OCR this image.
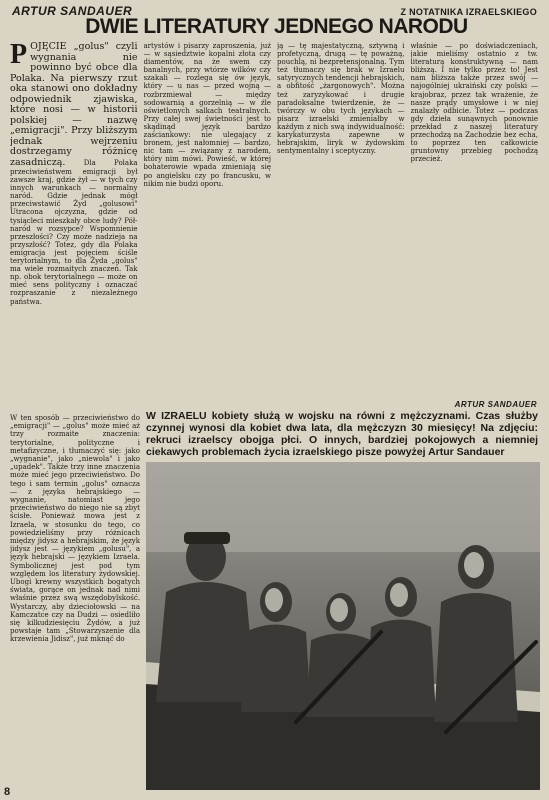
ARTUR SANDAUER	Z NOTATNIKA IZRAELSKIEGO
DWIE LITERATURY JEDNEGO NARODU
P OJĘCIE „golus" czyli wygnania nie powinno być obce dla Polaka. Na pierwszy rzut oka stanowi ono dokładny odpowiednik zjawiska, które nosi — w historii polskiej — nazwę „emigracji". Przy bliższym jednak wejrzeniu dostrzegamy różnicę zasadniczą.	Dla Polaka przeciwieństwem emigracji był zawsze kraj, gdzie żył — w tych czy innych warunkach — normalny naród. Gdzie jednak mógł przeciwstawić Żyd „golusowi" Utracona ojczyzna, gdzie od tysiącleci mieszkały obce ludy? Pół-naród w rozsypce? Wspomnienie przeszłości? Czy może nadzieja na przyszłość? Totez, gdy dla Polaka emigracja jest pojęciem ściśle terytorialnym, to dla Żyda „golus" ma wiele rozmaitych znaczeń. Tak np. obok terytorialnego — może on mieć sens polityczny i oznaczać rozpraszanie z niezależnego państwa.
artystów i pisarzy zaproszenia, już — w sąsiedztwie kopalni złota czy diamentów, na że swem czy banalnych, przy wtórze wilków czy szakali — rozlega się ów język, który — u nas — przed wojną — rozbrzmiewał — między sodowarnią a gorzelnią — w źle oświetlonych salkach teatralnych. Przy całej swej świetności jest to skądinąd język bardzo zaściankowy: nie ulegający z bronem, jest nałomniej — bardzo, nic tam — związany z narodem, który nim mówi. Powieść, w której bohaterowie wpada zmieniają się po angielsku czy po francusku, w nikim nie budzi oporu.
ją — tę majestatyczną, sztywną i profetyczną, drugą — tę poważną, pouchlą, ni bezpretensjonalną. Tym też tłumaczy się brak w Izraelu satyrycznych tendencji hebrajskich, a obfitość „żargonowych". Można też zaryzykować i drugie paradoksalne twierdzenie, że — twórczy w obu tych językach — pisarz izraelski zmieniałby w każdym z nich swą indywidualność: karykaturzysta zapewne w hebrajskim, liryk w żydowskim sentymentalny i sceptyczny.
właśnie — po doświadczeniach, jakie mieliśmy ostatnio z tw. literaturą konstruktywną — nam bliższą. I nie tylko przez to! Jest nam bliższa także przez swój — najogólniej ukraiński czy polski — krajobraz, przez tak wrażenie, że nasze prądy umysłowe i w niej znalazły odbicie. Totez — podczas gdy dzieła sunąwnych ponownie przekład z naszej literatury przechodzą na Zachodzie bez echa, to poprzez ten całkowicie gruntowny przebieg pochodzą przecież.
ARTUR SANDAUER
W IZRAELU kobiety służą w wojsku na równi z mężczyznami. Czas służby czynnej wynosi dla kobiet dwa lata, dla mężczyzn 30 miesięcy! Na zdjęciu: rekruci izraelscy obojga płci. O innych, bardziej pokojowych a niemniej ciekawych problemach życia izraelskiego pisze powyżej Artur Sandauer
W ten sposób — przeciwieństwo do „emigracji" — „golus" może mieć aż trzy rozmaite znaczenia: terytorialne, polityczne i metafizyczne, i tłumaczyć się: jako „wygnanie", jako „niewola" i jako „upadek". Także trzy inne znaczenia może mieć jego przeciwieństwo. Do tego i sam termin „golus" oznacza — z języka hebrajskiego — wygnanie, natomiast jego przeciwieństwo do niego nie są zbyt ścisłe. Ponieważ mowa jest z Izraela, w stosunku do tego, co powiedzieliśmy przy różnicach między jidysz a hebrajskim, że język jidysz jest — językiem „golusu", a język hebrajski — językiem Izraela. Symbolicznej jest pod tym względem los literatury żydowskiej. Ubogi krewny wszystkich bogatych świata, gorące on jednak nad nimi właśnie przez swą wszędobylskość. Wystarczy, aby dzieciołowski — na Kamczatce czy na Dudzi — osiedliło się kilkudziesięciu Żydów, a już powstaje tam „Stowarzyszenie dla krzewienia Jidisz", już mknąć do
8
